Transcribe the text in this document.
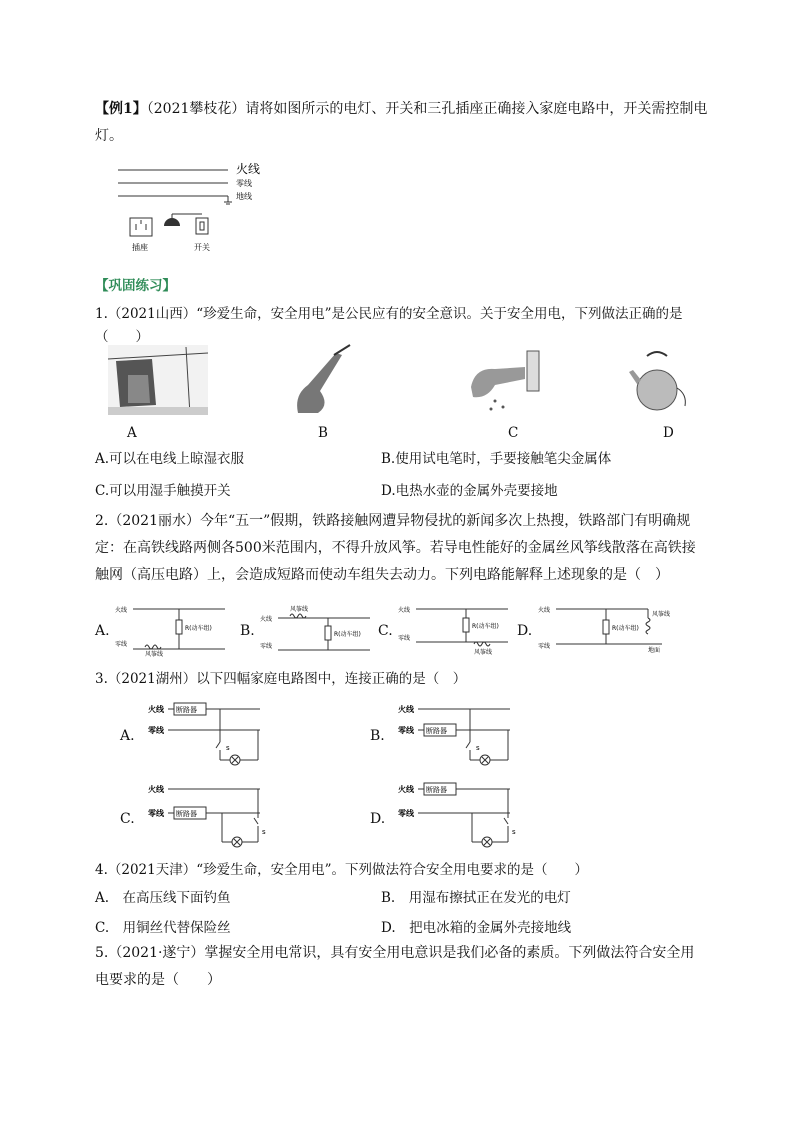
【例1】（2021攀枝花）请将如图所示的电灯、开关和三孔插座正确接入家庭电路中，开关需控制电
灯。
火线
零线
地线
插座	开关
【巩固练习】
1.（2021山西）“珍爱生命，安全用电”是公民应有的安全意识。关于安全用电，下列做法正确的是
（　　）
A	B	C	D
A.可以在电线上晾湿衣服	B.使用试电笔时，手要接触笔尖金属体
C.可以用湿手触摸开关	D.电热水壶的金属外壳要接地
2.（2021丽水）今年“五一”假期，铁路接触网遭异物侵扰的新闻多次上热搜，铁路部门有明确规
定：在高铁线路两侧各500米范围内，不得升放风筝。若导电性能好的金属丝风筝线散落在高铁接
触网（高压电路）上，会造成短路而使动车组失去动力。下列电路能解释上述现象的是（　）
A.
火线
零线
风筝线
R(动车组) B.
火线
零线
风筝线
R(动车组) C.
火线
零线
风筝线
R(动车组) D.
火线
零线
风筝线
R(动车组)
地面
3.（2021湖州）以下四幅家庭电路图中，连接正确的是（　）
A.
火线
零线
断路器
s
B.
火线
零线 断路器
s
C.
火线
零线 断路器
s
D.
火线
零线
断路器
s
4.（2021天津）“珍爱生命，安全用电”。下列做法符合安全用电要求的是（　　）
A.　在高压线下面钓鱼	B.　用湿布擦拭正在发光的电灯
C.　用铜丝代替保险丝	D.　把电冰箱的金属外壳接地线
5.（2021·遂宁）掌握安全用电常识，具有安全用电意识是我们必备的素质。下列做法符合安全用
电要求的是（　　）
